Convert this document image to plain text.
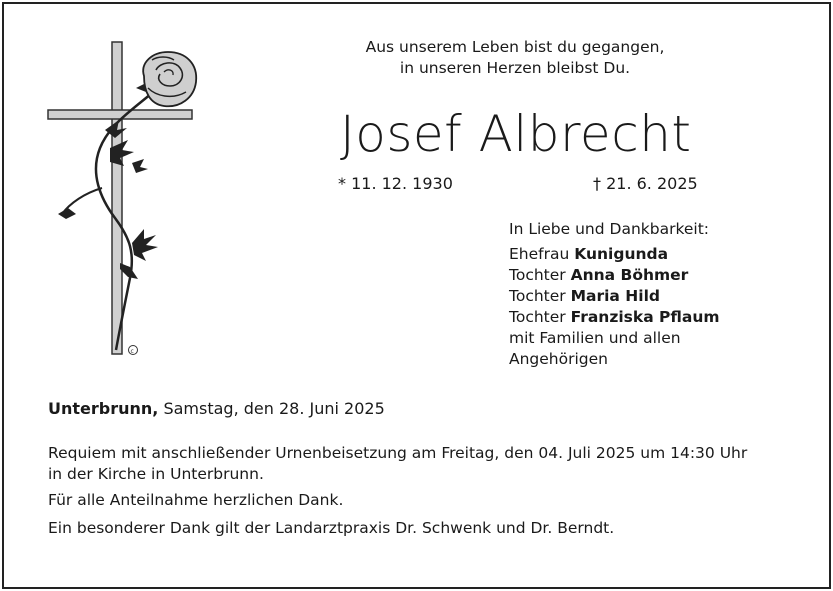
c
Aus unserem Leben bist du gegangen,
in unseren Herzen bleibst Du.
Josef Albrecht
* 11. 12. 1930	† 21. 6. 2025
In Liebe und Dankbarkeit:
Ehefrau Kunigunda
Tochter Anna Böhmer
Tochter Maria Hild
Tochter Franziska Pflaum
mit Familien und allen
Angehörigen
Unterbrunn, Samstag, den 28. Juni 2025
Requiem mit anschließender Urnenbeisetzung am Freitag, den 04. Juli 2025 um 14:30 Uhr
in der Kirche in Unterbrunn.
Für alle Anteilnahme herzlichen Dank.
Ein besonderer Dank gilt der Landarztpraxis Dr. Schwenk und Dr. Berndt.
